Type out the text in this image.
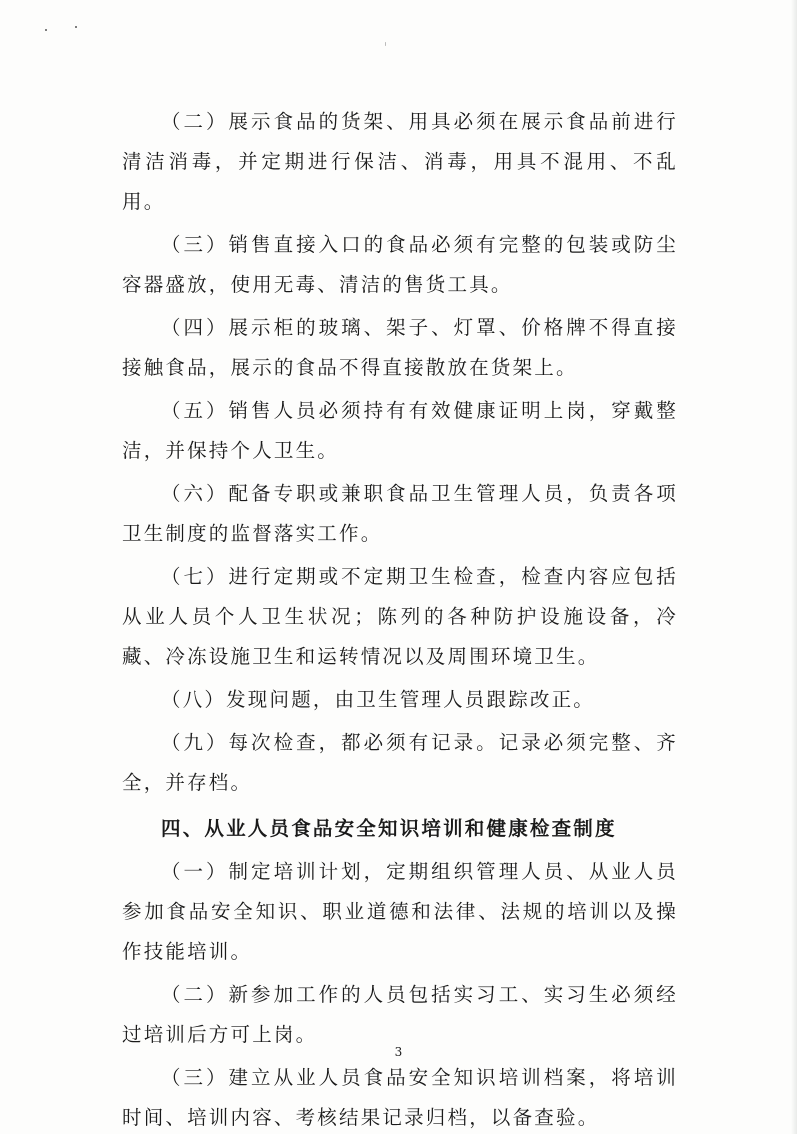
（二）展示食品的货架、用具必须在展示食品前进行清洁消毒，并定期进行保洁、消毒，用具不混用、不乱用。

（三）销售直接入口的食品必须有完整的包装或防尘容器盛放，使用无毒、清洁的售货工具。

（四）展示柜的玻璃、架子、灯罩、价格牌不得直接接触食品，展示的食品不得直接散放在货架上。

（五）销售人员必须持有有效健康证明上岗，穿戴整洁，并保持个人卫生。

（六）配备专职或兼职食品卫生管理人员，负责各项卫生制度的监督落实工作。

（七）进行定期或不定期卫生检查，检查内容应包括从业人员个人卫生状况；陈列的各种防护设施设备，冷藏、冷冻设施卫生和运转情况以及周围环境卫生。

（八）发现问题，由卫生管理人员跟踪改正。

（九）每次检查，都必须有记录。记录必须完整、齐全，并存档。

四、从业人员食品安全知识培训和健康检查制度

（一）制定培训计划，定期组织管理人员、从业人员参加食品安全知识、职业道德和法律、法规的培训以及操作技能培训。

（二）新参加工作的人员包括实习工、实习生必须经过培训后方可上岗。

（三）建立从业人员食品安全知识培训档案，将培训时间、培训内容、考核结果记录归档，以备查验。

3
